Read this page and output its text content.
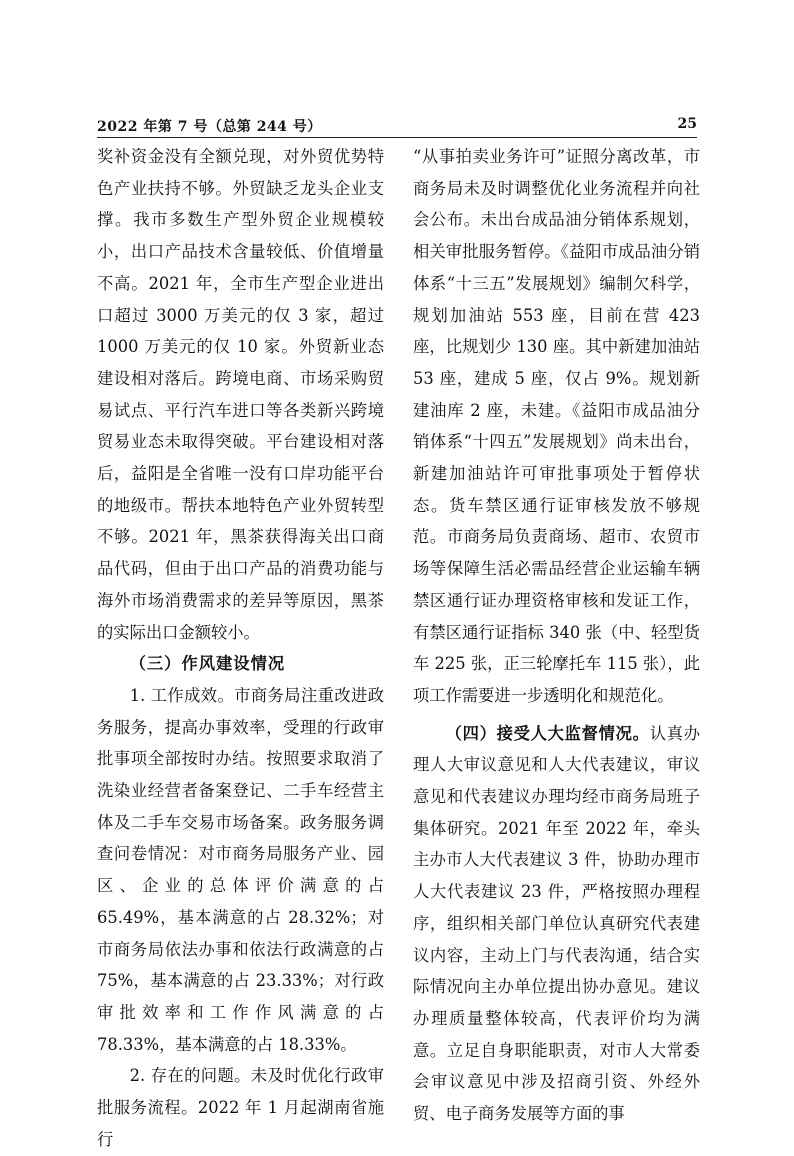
2022 年第 7 号（总第 244 号）	25

奖补资金没有全额兑现，对外贸优势特色产业扶持不够。外贸缺乏龙头企业支撑。我市多数生产型外贸企业规模较小，出口产品技术含量较低、价值增量不高。2021 年，全市生产型企业进出口超过 3000 万美元的仅 3 家，超过 1000 万美元的仅 10 家。外贸新业态建设相对落后。跨境电商、市场采购贸易试点、平行汽车进口等各类新兴跨境贸易业态未取得突破。平台建设相对落后，益阳是全省唯一没有口岸功能平台的地级市。帮扶本地特色产业外贸转型不够。2021 年，黑茶获得海关出口商品代码，但由于出口产品的消费功能与海外市场消费需求的差异等原因，黑茶的实际出口金额较小。

（三）作风建设情况

1. 工作成效。市商务局注重改进政务服务，提高办事效率，受理的行政审批事项全部按时办结。按照要求取消了洗染业经营者备案登记、二手车经营主体及二手车交易市场备案。政务服务调查问卷情况：对市商务局服务产业、园区、企业的总体评价满意的占 65.49%，基本满意的占 28.32%；对市商务局依法办事和依法行政满意的占 75%，基本满意的占 23.33%；对行政审批效率和工作作风满意的占 78.33%，基本满意的占 18.33%。

2. 存在的问题。未及时优化行政审批服务流程。2022 年 1 月起湖南省施行

“从事拍卖业务许可”证照分离改革，市商务局未及时调整优化业务流程并向社会公布。未出台成品油分销体系规划，相关审批服务暂停。《益阳市成品油分销体系“十三五”发展规划》编制欠科学，规划加油站 553 座，目前在营 423 座，比规划少 130 座。其中新建加油站 53 座，建成 5 座，仅占 9%。规划新建油库 2 座，未建。《益阳市成品油分销体系“十四五”发展规划》尚未出台，新建加油站许可审批事项处于暂停状态。货车禁区通行证审核发放不够规范。市商务局负责商场、超市、农贸市场等保障生活必需品经营企业运输车辆禁区通行证办理资格审核和发证工作，有禁区通行证指标 340 张（中、轻型货车 225 张，正三轮摩托车 115 张），此项工作需要进一步透明化和规范化。

（四）接受人大监督情况。认真办理人大审议意见和人大代表建议，审议意见和代表建议办理均经市商务局班子集体研究。2021 年至 2022 年，牵头主办市人大代表建议 3 件，协助办理市人大代表建议 23 件，严格按照办理程序，组织相关部门单位认真研究代表建议内容，主动上门与代表沟通，结合实际情况向主办单位提出协办意见。建议办理质量整体较高，代表评价均为满意。立足自身职能职责，对市人大常委会审议意见中涉及招商引资、外经外贸、电子商务发展等方面的事
